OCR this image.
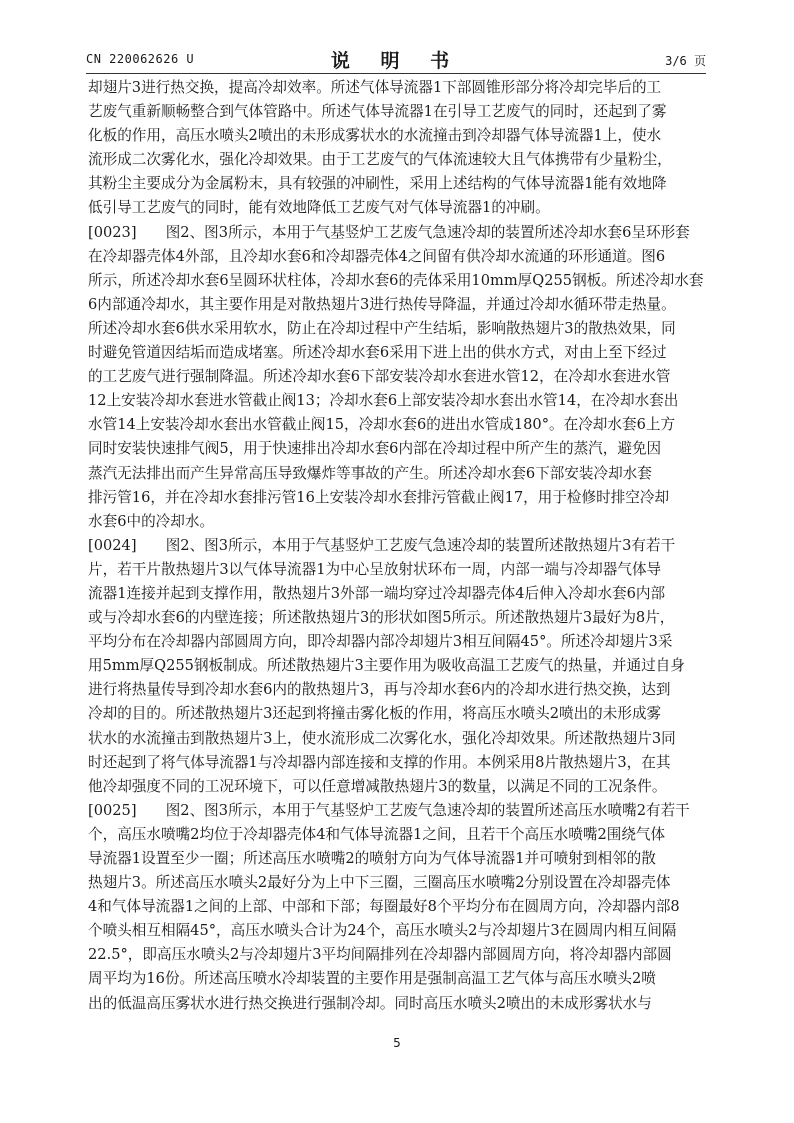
CN 220062626 U	说 明 书	3/6 页
却翅片3进行热交换，提高冷却效率。所述气体导流器1下部圆锥形部分将冷却完毕后的工
艺废气重新顺畅整合到气体管路中。所述气体导流器1在引导工艺废气的同时，还起到了雾
化板的作用，高压水喷头2喷出的未形成雾状水的水流撞击到冷却器气体导流器1上，使水
流形成二次雾化水，强化冷却效果。由于工艺废气的气体流速较大且气体携带有少量粉尘，
其粉尘主要成分为金属粉末，具有较强的冲刷性，采用上述结构的气体导流器1能有效地降
低引导工艺废气的同时，能有效地降低工艺废气对气体导流器1的冲刷。
[0023]　　图2、图3所示，本用于气基竖炉工艺废气急速冷却的装置所述冷却水套6呈环形套
在冷却器壳体4外部，且冷却水套6和冷却器壳体4之间留有供冷却水流通的环形通道。图6
所示，所述冷却水套6呈圆环状柱体，冷却水套6的壳体采用10mm厚Q255钢板。所述冷却水套
6内部通冷却水，其主要作用是对散热翅片3进行热传导降温，并通过冷却水循环带走热量。
所述冷却水套6供水采用软水，防止在冷却过程中产生结垢，影响散热翅片3的散热效果，同
时避免管道因结垢而造成堵塞。所述冷却水套6采用下进上出的供水方式，对由上至下经过
的工艺废气进行强制降温。所述冷却水套6下部安装冷却水套进水管12，在冷却水套进水管
12上安装冷却水套进水管截止阀13；冷却水套6上部安装冷却水套出水管14，在冷却水套出
水管14上安装冷却水套出水管截止阀15，冷却水套6的进出水管成180°。在冷却水套6上方
同时安装快速排气阀5，用于快速排出冷却水套6内部在冷却过程中所产生的蒸汽，避免因
蒸汽无法排出而产生异常高压导致爆炸等事故的产生。所述冷却水套6下部安装冷却水套
排污管16，并在冷却水套排污管16上安装冷却水套排污管截止阀17，用于检修时排空冷却
水套6中的冷却水。
[0024]　　图2、图3所示，本用于气基竖炉工艺废气急速冷却的装置所述散热翅片3有若干
片，若干片散热翅片3以气体导流器1为中心呈放射状环布一周，内部一端与冷却器气体导
流器1连接并起到支撑作用，散热翅片3外部一端均穿过冷却器壳体4后伸入冷却水套6内部
或与冷却水套6的内壁连接；所述散热翅片3的形状如图5所示。所述散热翅片3最好为8片，
平均分布在冷却器内部圆周方向，即冷却器内部冷却翅片3相互间隔45°。所述冷却翅片3采
用5mm厚Q255钢板制成。所述散热翅片3主要作用为吸收高温工艺废气的热量，并通过自身
进行将热量传导到冷却水套6内的散热翅片3，再与冷却水套6内的冷却水进行热交换，达到
冷却的目的。所述散热翅片3还起到将撞击雾化板的作用，将高压水喷头2喷出的未形成雾
状水的水流撞击到散热翅片3上，使水流形成二次雾化水，强化冷却效果。所述散热翅片3同
时还起到了将气体导流器1与冷却器内部连接和支撑的作用。本例采用8片散热翅片3，在其
他冷却强度不同的工况环境下，可以任意增减散热翅片3的数量，以满足不同的工况条件。
[0025]　　图2、图3所示，本用于气基竖炉工艺废气急速冷却的装置所述高压水喷嘴2有若干
个，高压水喷嘴2均位于冷却器壳体4和气体导流器1之间，且若干个高压水喷嘴2围绕气体
导流器1设置至少一圈；所述高压水喷嘴2的喷射方向为气体导流器1并可喷射到相邻的散
热翅片3。所述高压水喷头2最好分为上中下三圈，三圈高压水喷嘴2分别设置在冷却器壳体
4和气体导流器1之间的上部、中部和下部；每圈最好8个平均分布在圆周方向，冷却器内部8
个喷头相互相隔45°，高压水喷头合计为24个，高压水喷头2与冷却翅片3在圆周内相互间隔
22.5°，即高压水喷头2与冷却翅片3平均间隔排列在冷却器内部圆周方向，将冷却器内部圆
周平均为16份。所述高压喷水冷却装置的主要作用是强制高温工艺气体与高压水喷头2喷
出的低温高压雾状水进行热交换进行强制冷却。同时高压水喷头2喷出的未成形雾状水与
5
